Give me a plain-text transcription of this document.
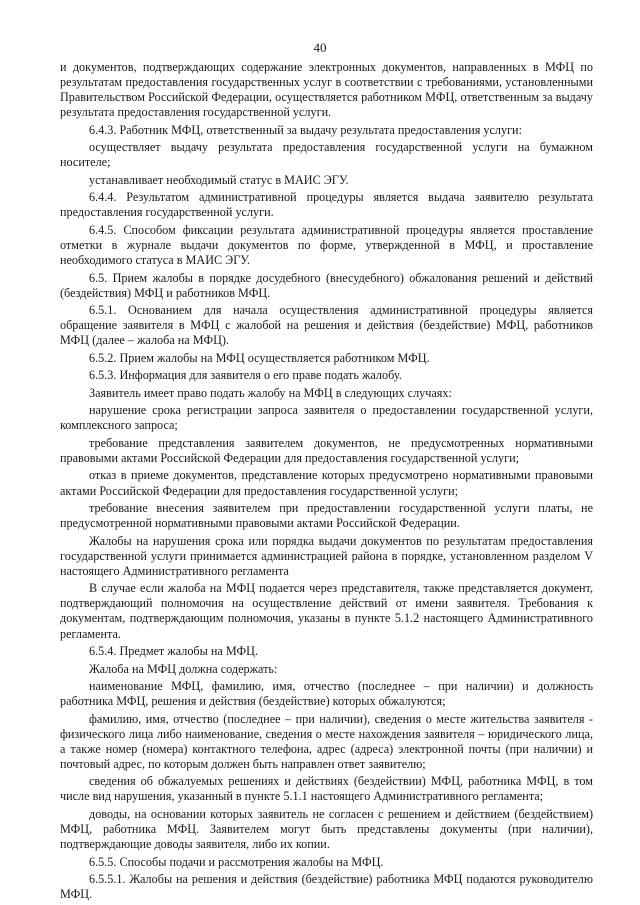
40

и документов, подтверждающих содержание электронных документов, направленных в МФЦ по результатам предоставления государственных услуг в соответствии с требованиями, установленными Правительством Российской Федерации, осуществляется работником МФЦ, ответственным за выдачу результата предоставления государственной услуги.

6.4.3. Работник МФЦ, ответственный за выдачу результата предоставления услуги:

осуществляет выдачу результата предоставления государственной услуги на бумажном носителе;

устанавливает необходимый статус в МАИС ЭГУ.

6.4.4. Результатом административной процедуры является выдача заявителю результата предоставления государственной услуги.

6.4.5. Способом фиксации результата административной процедуры является проставление отметки в журнале выдачи документов по форме, утвержденной в МФЦ, и проставление необходимого статуса в МАИС ЭГУ.

6.5. Прием жалобы в порядке досудебного (внесудебного) обжалования решений и действий (бездействия) МФЦ и работников МФЦ.

6.5.1. Основанием для начала осуществления административной процедуры является обращение заявителя в МФЦ с жалобой на решения и действия (бездействие) МФЦ, работников МФЦ (далее – жалоба на МФЦ).

6.5.2. Прием жалобы на МФЦ осуществляется работником МФЦ.

6.5.3. Информация для заявителя о его праве подать жалобу.

Заявитель имеет право подать жалобу на МФЦ в следующих случаях:

нарушение срока регистрации запроса заявителя о предоставлении государственной услуги, комплексного запроса;

требование представления заявителем документов, не предусмотренных нормативными правовыми актами Российской Федерации для предоставления государственной услуги;

отказ в приеме документов, представление которых предусмотрено нормативными правовыми актами Российской Федерации для предоставления государственной услуги;

требование внесения заявителем при предоставлении государственной услуги платы, не предусмотренной нормативными правовыми актами Российской Федерации.

Жалобы на нарушения срока или порядка выдачи документов по результатам предоставления государственной услуги принимается администрацией района в порядке, установленном разделом V настоящего Административного регламента

В случае если жалоба на МФЦ подается через представителя, также представляется документ, подтверждающий полномочия на осуществление действий от имени заявителя. Требования к документам, подтверждающим полномочия, указаны в пункте 5.1.2 настоящего Административного регламента.

6.5.4. Предмет жалобы на МФЦ.

Жалоба на МФЦ должна содержать:

наименование МФЦ, фамилию, имя, отчество (последнее – при наличии) и должность работника МФЦ, решения и действия (бездействие) которых обжалуются;

фамилию, имя, отчество (последнее – при наличии), сведения о месте жительства заявителя - физического лица либо наименование, сведения о месте нахождения заявителя – юридического лица, а также номер (номера) контактного телефона, адрес (адреса) электронной почты (при наличии) и почтовый адрес, по которым должен быть направлен ответ заявителю;

сведения об обжалуемых решениях и действиях (бездействии) МФЦ, работника МФЦ, в том числе вид нарушения, указанный в пункте 5.1.1 настоящего Административного регламента;

доводы, на основании которых заявитель не согласен с решением и действием (бездействием) МФЦ, работника МФЦ. Заявителем могут быть представлены документы (при наличии), подтверждающие доводы заявителя, либо их копии.

6.5.5. Способы подачи и рассмотрения жалобы на МФЦ.

6.5.5.1. Жалобы на решения и действия (бездействие) работника МФЦ подаются руководителю МФЦ.
